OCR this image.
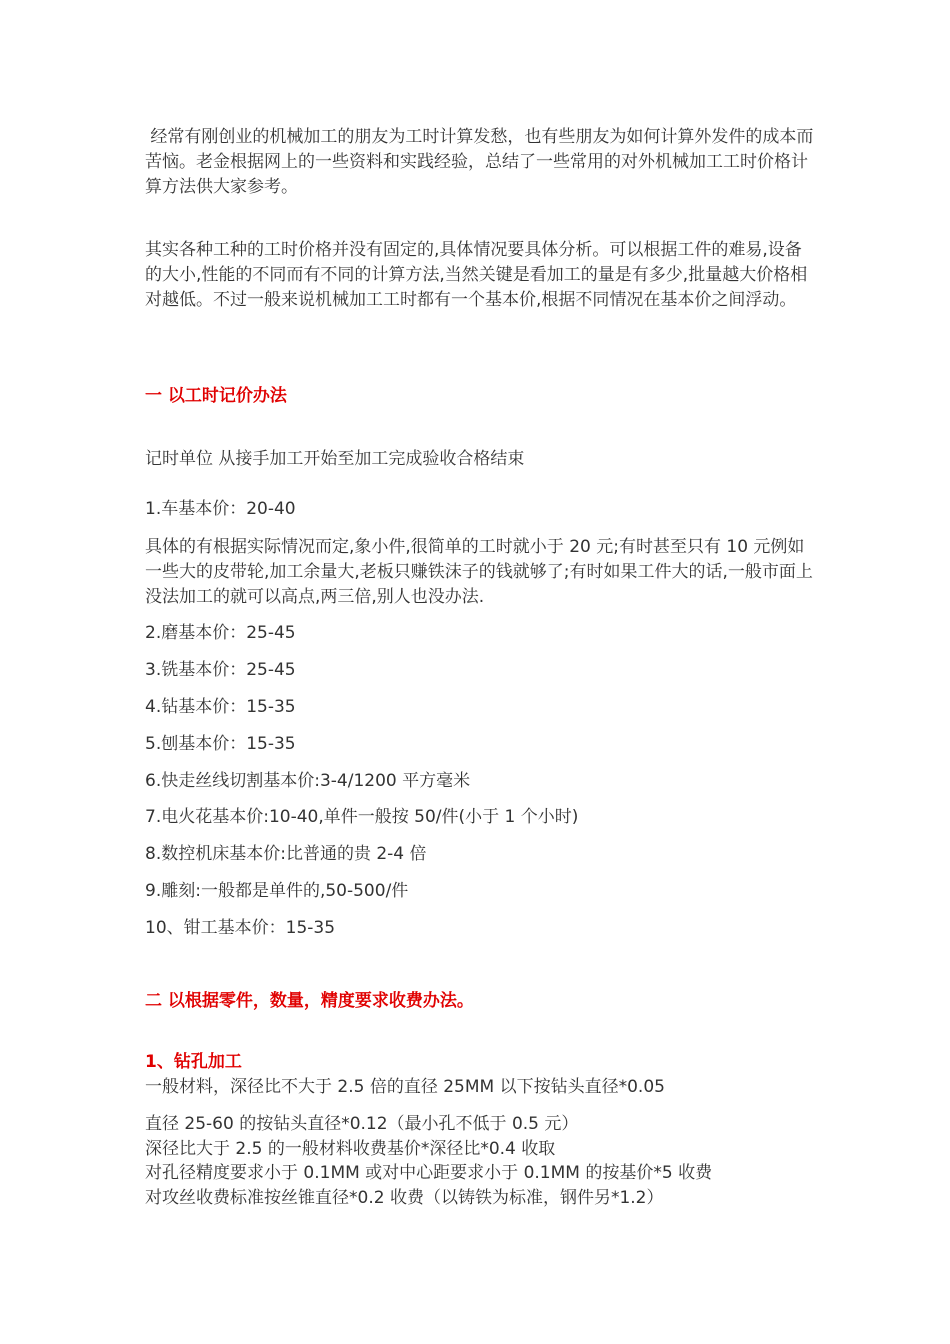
经常有刚创业的机械加工的朋友为工时计算发愁，也有些朋友为如何计算外发件的成本而苦恼。老金根据网上的一些资料和实践经验，总结了一些常用的对外机械加工工时价格计算方法供大家参考。

其实各种工种的工时价格并没有固定的,具体情况要具体分析。可以根据工件的难易,设备的大小,性能的不同而有不同的计算方法,当然关键是看加工的量是有多少,批量越大价格相对越低。不过一般来说机械加工工时都有一个基本价,根据不同情况在基本价之间浮动。

一 以工时记价办法

记时单位 从接手加工开始至加工完成验收合格结束

1.车基本价：20-40

具体的有根据实际情况而定,象小件,很简单的工时就小于 20 元;有时甚至只有 10 元例如一些大的皮带轮,加工余量大,老板只赚铁沫子的钱就够了;有时如果工件大的话,一般市面上没法加工的就可以高点,两三倍,别人也没办法.

2.磨基本价：25-45

3.铣基本价：25-45

4.钻基本价：15-35

5.刨基本价：15-35

6.快走丝线切割基本价:3-4/1200 平方毫米

7.电火花基本价:10-40,单件一般按 50/件(小于 1 个小时)

8.数控机床基本价:比普通的贵 2-4 倍

9.雕刻:一般都是单件的,50-500/件

10、钳工基本价：15-35

二 以根据零件，数量，精度要求收费办法。

1、钻孔加工

一般材料，深径比不大于 2.5 倍的直径 25MM 以下按钻头直径*0.05

直径 25-60 的按钻头直径*0.12（最小孔不低于 0.5 元）

深径比大于 2.5 的一般材料收费基价*深径比*0.4 收取

对孔径精度要求小于 0.1MM 或对中心距要求小于 0.1MM 的按基价*5 收费

对攻丝收费标准按丝锥直径*0.2 收费（以铸铁为标准，钢件另*1.2）
